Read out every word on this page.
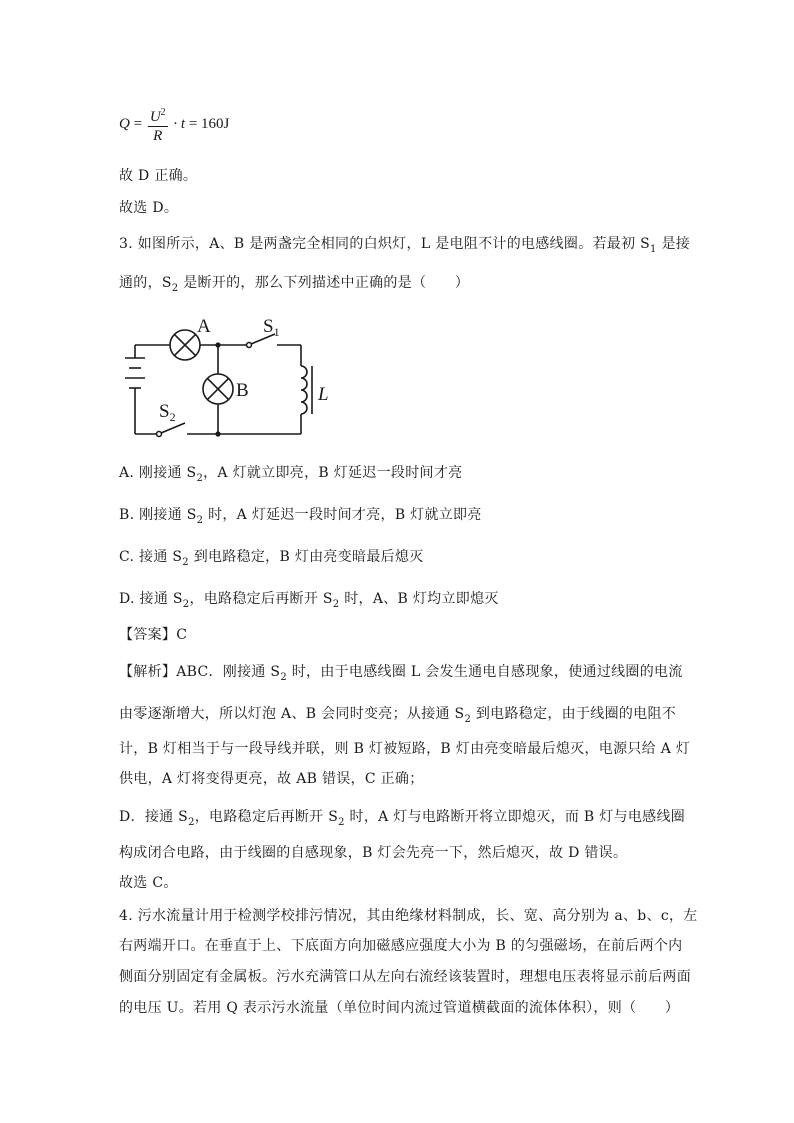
$Q = \frac{U^2}{R} \cdot t = 160J$
故 D 正确。
故选 D。
3. 如图所示，A、B 是两盏完全相同的白炽灯，L 是电阻不计的电感线圈。若最初 $S_1$ 是接
通的，$S_2$ 是断开的，那么下列描述中正确的是（　　）
A
B
$S_1$
$S_2$
L
A. 刚接通 $S_2$，A 灯就立即亮，B 灯延迟一段时间才亮
B. 刚接通 $S_2$ 时，A 灯延迟一段时间才亮，B 灯就立即亮
C. 接通 $S_2$ 到电路稳定，B 灯由亮变暗最后熄灭
D. 接通 $S_2$，电路稳定后再断开 $S_2$ 时，A、B 灯均立即熄灭
【答案】C
【解析】ABC．刚接通 $S_2$ 时，由于电感线圈 L 会发生通电自感现象，使通过线圈的电流
由零逐渐增大，所以灯泡 A、B 会同时变亮；从接通 $S_2$ 到电路稳定，由于线圈的电阻不
计，B 灯相当于与一段导线并联，则 B 灯被短路，B 灯由亮变暗最后熄灭，电源只给 A 灯
供电，A 灯将变得更亮，故 AB 错误，C 正确；
D．接通 $S_2$，电路稳定后再断开 $S_2$ 时，A 灯与电路断开将立即熄灭，而 B 灯与电感线圈
构成闭合电路，由于线圈的自感现象，B 灯会先亮一下，然后熄灭，故 D 错误。
故选 C。
4. 污水流量计用于检测学校排污情况，其由绝缘材料制成，长、宽、高分别为 a、b、c，左
右两端开口。在垂直于上、下底面方向加磁感应强度大小为 B 的匀强磁场，在前后两个内
侧面分别固定有金属板。污水充满管口从左向右流经该装置时，理想电压表将显示前后两面
的电压 U。若用 Q 表示污水流量（单位时间内流过管道横截面的流体体积），则（　　）
